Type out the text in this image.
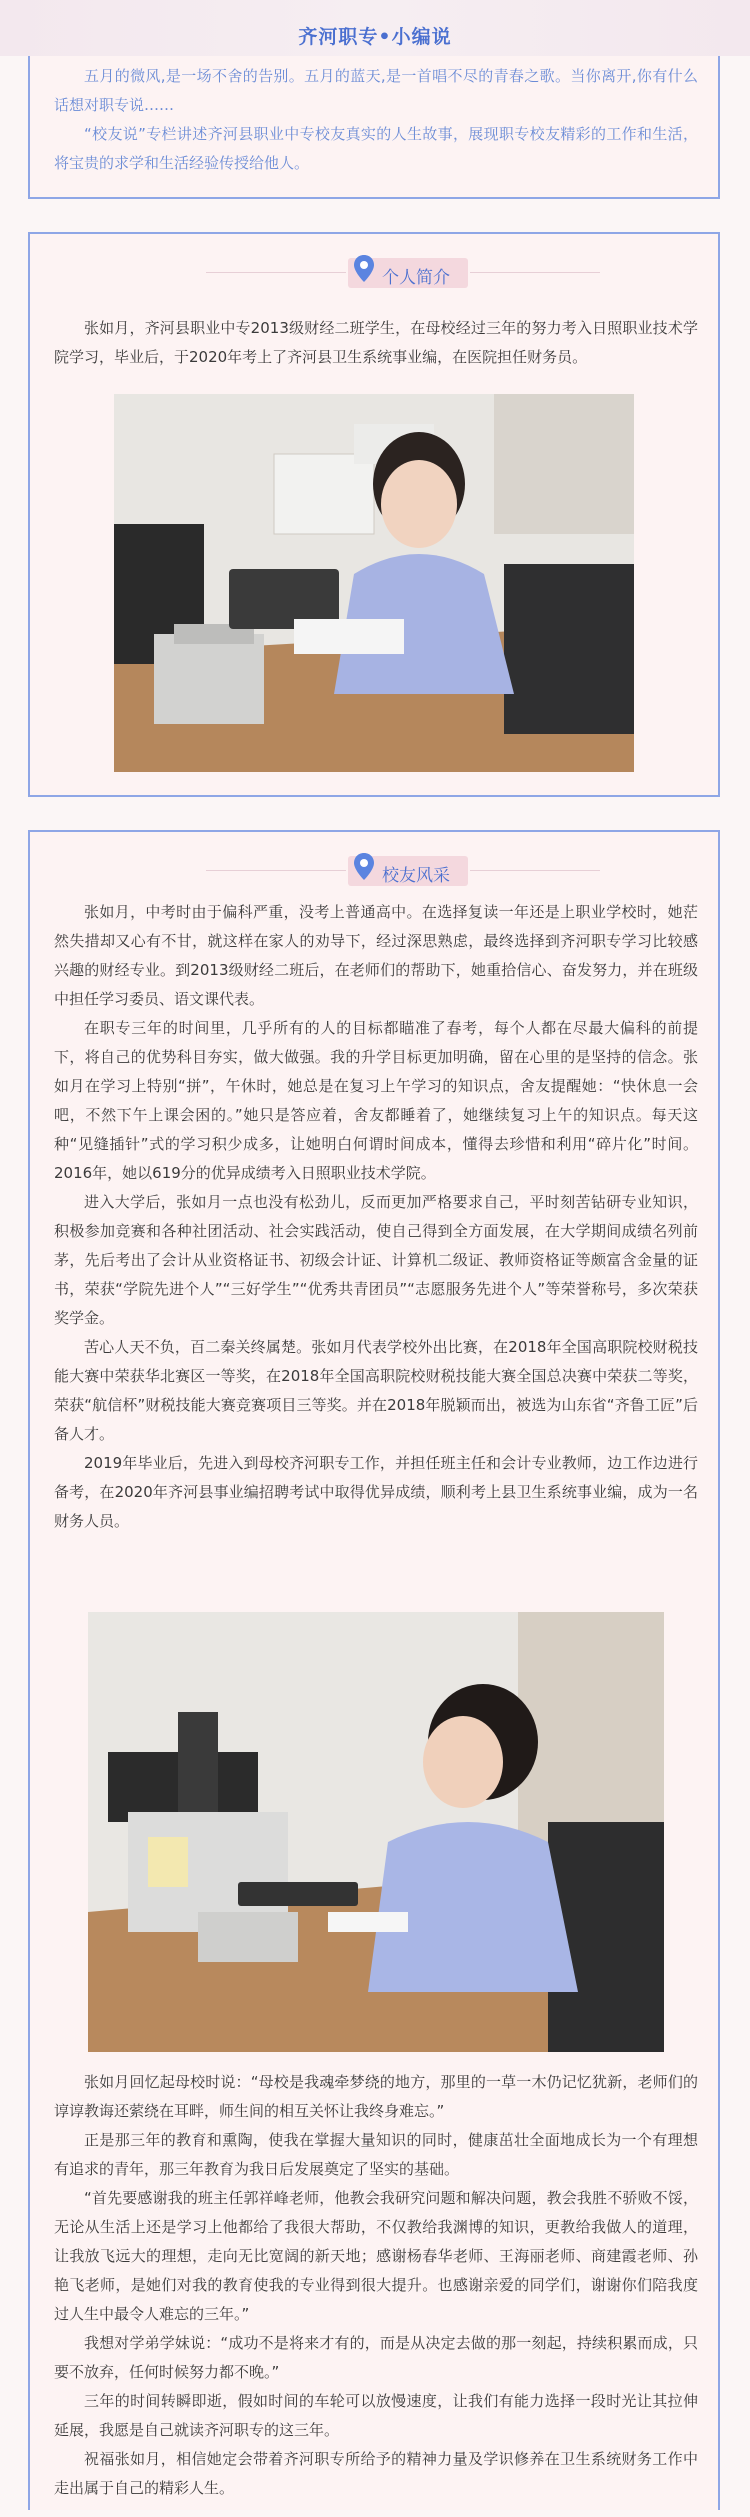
齐河职专•小编说

五月的微风,是一场不舍的告别。五月的蓝天,是一首唱不尽的青春之歌。当你离开,你有什么话想对职专说……

“校友说”专栏讲述齐河县职业中专校友真实的人生故事，展现职专校友精彩的工作和生活，将宝贵的求学和生活经验传授给他人。

个人简介

张如月，齐河县职业中专2013级财经二班学生，在母校经过三年的努力考入日照职业技术学院学习，毕业后，于2020年考上了齐河县卫生系统事业编，在医院担任财务员。

校友风采

张如月，中考时由于偏科严重，没考上普通高中。在选择复读一年还是上职业学校时，她茫然失措却又心有不甘，就这样在家人的劝导下，经过深思熟虑，最终选择到齐河职专学习比较感兴趣的财经专业。到2013级财经二班后，在老师们的帮助下，她重拾信心、奋发努力，并在班级中担任学习委员、语文课代表。

在职专三年的时间里，几乎所有的人的目标都瞄准了春考，每个人都在尽最大偏科的前提下，将自己的优势科目夯实，做大做强。我的升学目标更加明确，留在心里的是坚持的信念。张如月在学习上特别“拼”，午休时，她总是在复习上午学习的知识点，舍友提醒她：“快休息一会吧，不然下午上课会困的。”她只是答应着，舍友都睡着了，她继续复习上午的知识点。每天这种“见缝插针”式的学习积少成多，让她明白何谓时间成本，懂得去珍惜和利用“碎片化”时间。2016年，她以619分的优异成绩考入日照职业技术学院。

进入大学后，张如月一点也没有松劲儿，反而更加严格要求自己，平时刻苦钻研专业知识，积极参加竞赛和各种社团活动、社会实践活动，使自己得到全方面发展，在大学期间成绩名列前茅，先后考出了会计从业资格证书、初级会计证、计算机二级证、教师资格证等颇富含金量的证书，荣获“学院先进个人”“三好学生”“优秀共青团员”“志愿服务先进个人”等荣誉称号，多次荣获奖学金。

苦心人天不负，百二秦关终属楚。张如月代表学校外出比赛，在2018年全国高职院校财税技能大赛中荣获华北赛区一等奖，在2018年全国高职院校财税技能大赛全国总决赛中荣获二等奖，荣获“航信杯”财税技能大赛竞赛项目三等奖。并在2018年脱颖而出，被选为山东省“齐鲁工匠”后备人才。

2019年毕业后，先进入到母校齐河职专工作，并担任班主任和会计专业教师，边工作边进行备考，在2020年齐河县事业编招聘考试中取得优异成绩，顺利考上县卫生系统事业编，成为一名财务人员。

张如月回忆起母校时说：“母校是我魂牵梦绕的地方，那里的一草一木仍记忆犹新，老师们的谆谆教诲还萦绕在耳畔，师生间的相互关怀让我终身难忘。”

正是那三年的教育和熏陶，使我在掌握大量知识的同时，健康茁壮全面地成长为一个有理想有追求的青年，那三年教育为我日后发展奠定了坚实的基础。

“首先要感谢我的班主任郭祥峰老师，他教会我研究问题和解决问题，教会我胜不骄败不馁，无论从生活上还是学习上他都给了我很大帮助，不仅教给我渊博的知识，更教给我做人的道理，让我放飞远大的理想，走向无比宽阔的新天地；感谢杨春华老师、王海丽老师、商建霞老师、孙艳飞老师，是她们对我的教育使我的专业得到很大提升。也感谢亲爱的同学们，谢谢你们陪我度过人生中最令人难忘的三年。”

我想对学弟学妹说：“成功不是将来才有的，而是从决定去做的那一刻起，持续积累而成，只要不放弃，任何时候努力都不晚。”

三年的时间转瞬即逝，假如时间的车轮可以放慢速度，让我们有能力选择一段时光让其拉伸延展，我愿是自己就读齐河职专的这三年。

祝福张如月，相信她定会带着齐河职专所给予的精神力量及学识修养在卫生系统财务工作中走出属于自己的精彩人生。
